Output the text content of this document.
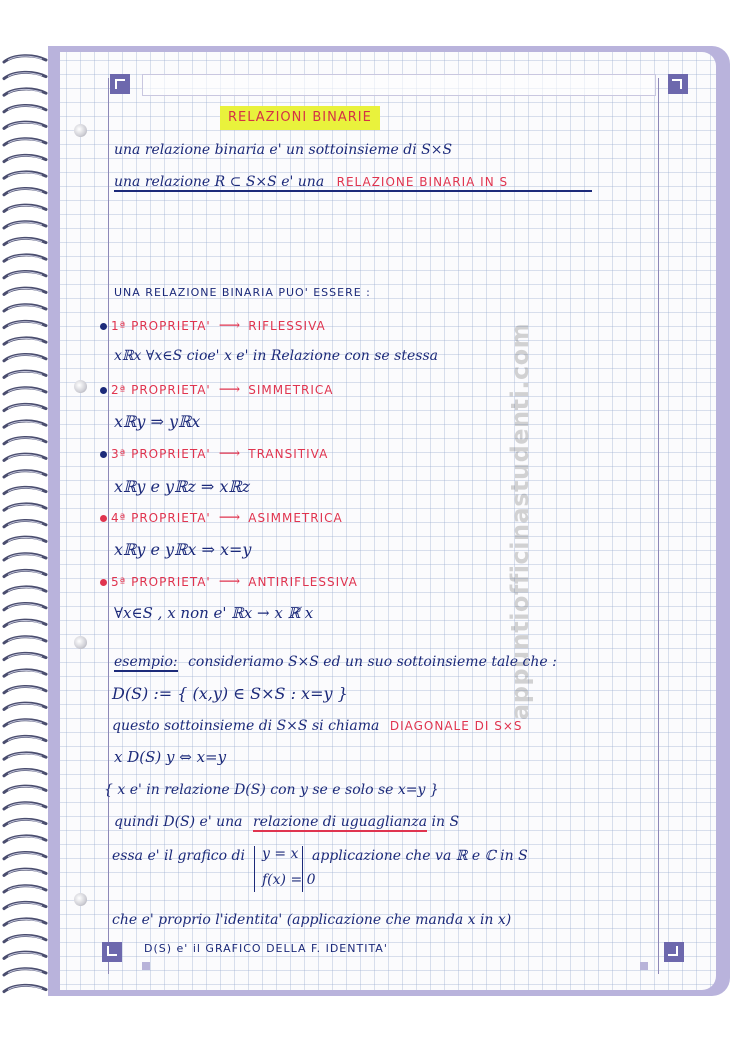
appuntiofficinastudenti.com
RELAZIONI BINARIE
una relazione binaria e' un sottoinsieme di S×S
una relazione R ⊂ S×S e' una RELAZIONE BINARIA IN S
UNA RELAZIONE BINARIA PUO' ESSERE :
1ª PROPRIETA' ⟶ RIFLESSIVA
xℝx ∀x∈S cioe' x e' in Relazione con se stessa
2ª PROPRIETA' ⟶ SIMMETRICA
xℝy ⇒ yℝx
3ª PROPRIETA' ⟶ TRANSITIVA
xℝy e yℝz ⇒ xℝz
4ª PROPRIETA' ⟶ ASIMMETRICA
xℝy e yℝx ⇒ x=y
5ª PROPRIETA' ⟶ ANTIRIFLESSIVA
∀x∈S , x non e' ℝx → x ℝ̸ x
esempio: consideriamo S×S ed un suo sottoinsieme tale che :
D(S) := { (x,y) ∈ S×S : x=y }
questo sottoinsieme di S×S si chiama DIAGONALE DI S×S
x D(S) y ⇔ x=y
{ x e' in relazione D(S) con y se e solo se x=y }
quindi D(S) e' una relazione di uguaglianza in S
essa e' il grafico di y = x
f(x) = 0
applicazione che va ℝ e ℂ in S
che e' proprio l'identita' (applicazione che manda x in x)
D(S) e' il GRAFICO DELLA F. IDENTITA'
